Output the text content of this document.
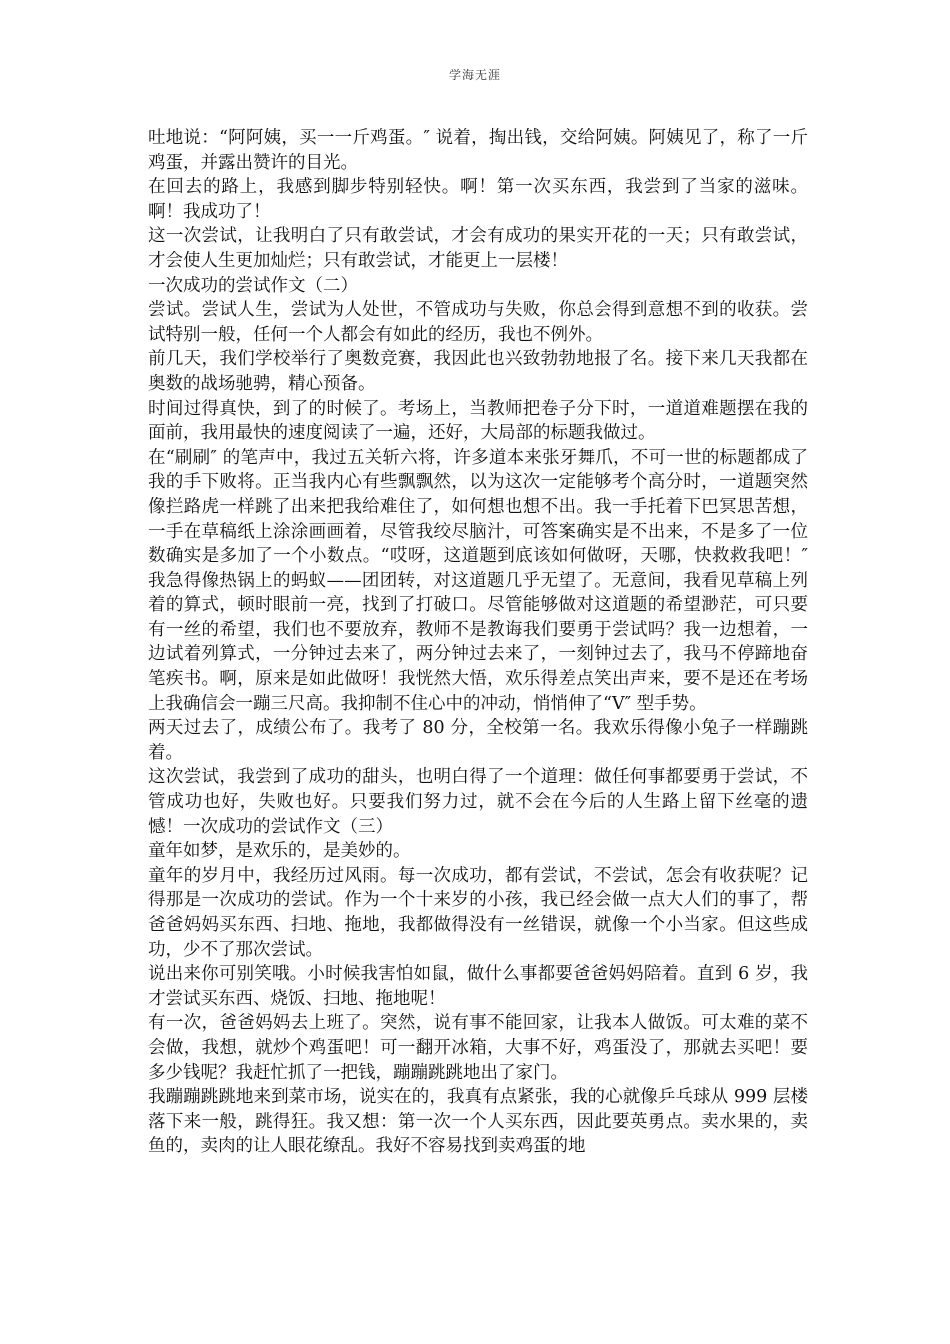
学海无涯

吐地说：“阿阿姨，买一一斤鸡蛋。″ 说着，掏出钱，交给阿姨。阿姨见了，称了一斤鸡蛋，并露出赞许的目光。

在回去的路上，我感到脚步特别轻快。啊！第一次买东西，我尝到了当家的滋味。啊！我成功了！

这一次尝试，让我明白了只有敢尝试，才会有成功的果实开花的一天；只有敢尝试，才会使人生更加灿烂；只有敢尝试，才能更上一层楼！

一次成功的尝试作文（二）

尝试。尝试人生，尝试为人处世，不管成功与失败，你总会得到意想不到的收获。尝试特别一般，任何一个人都会有如此的经历，我也不例外。

前几天，我们学校举行了奥数竞赛，我因此也兴致勃勃地报了名。接下来几天我都在奥数的战场驰骋，精心预备。

时间过得真快，到了的时候了。考场上，当教师把卷子分下时，一道道难题摆在我的面前，我用最快的速度阅读了一遍，还好，大局部的标题我做过。

在“刷刷″ 的笔声中，我过五关斩六将，许多道本来张牙舞爪，不可一世的标题都成了我的手下败将。正当我内心有些飘飘然，以为这次一定能够考个高分时，一道题突然像拦路虎一样跳了出来把我给难住了，如何想也想不出。我一手托着下巴冥思苦想，一手在草稿纸上涂涂画画着，尽管我绞尽脑汁，可答案确实是不出来，不是多了一位数确实是多加了一个小数点。“哎呀，这道题到底该如何做呀，天哪，快救救我吧！″ 我急得像热锅上的蚂蚁——团团转，对这道题几乎无望了。无意间，我看见草稿上列着的算式，顿时眼前一亮，找到了打破口。尽管能够做对这道题的希望渺茫，可只要有一丝的希望，我们也不要放弃，教师不是教诲我们要勇于尝试吗？我一边想着，一边试着列算式，一分钟过去来了，两分钟过去来了，一刻钟过去了，我马不停蹄地奋笔疾书。啊，原来是如此做呀！我恍然大悟，欢乐得差点笑出声来，要不是还在考场上我确信会一蹦三尺高。我抑制不住心中的冲动，悄悄伸了“V″ 型手势。

两天过去了，成绩公布了。我考了 80 分，全校第一名。我欢乐得像小兔子一样蹦跳着。

这次尝试，我尝到了成功的甜头，也明白得了一个道理：做任何事都要勇于尝试，不管成功也好，失败也好。只要我们努力过，就不会在今后的人生路上留下丝毫的遗憾！一次成功的尝试作文（三）

童年如梦，是欢乐的，是美妙的。

童年的岁月中，我经历过风雨。每一次成功，都有尝试，不尝试，怎会有收获呢？记得那是一次成功的尝试。作为一个十来岁的小孩，我已经会做一点大人们的事了，帮爸爸妈妈买东西、扫地、拖地，我都做得没有一丝错误，就像一个小当家。但这些成功，少不了那次尝试。

说出来你可别笑哦。小时候我害怕如鼠，做什么事都要爸爸妈妈陪着。直到 6 岁，我才尝试买东西、烧饭、扫地、拖地呢！

有一次，爸爸妈妈去上班了。突然，说有事不能回家，让我本人做饭。可太难的菜不会做，我想，就炒个鸡蛋吧！可一翻开冰箱，大事不好，鸡蛋没了，那就去买吧！要多少钱呢？我赶忙抓了一把钱，蹦蹦跳跳地出了家门。

我蹦蹦跳跳地来到菜市场，说实在的，我真有点紧张，我的心就像乒乓球从 999 层楼落下来一般，跳得狂。我又想：第一次一个人买东西，因此要英勇点。卖水果的，卖鱼的，卖肉的让人眼花缭乱。我好不容易找到卖鸡蛋的地
